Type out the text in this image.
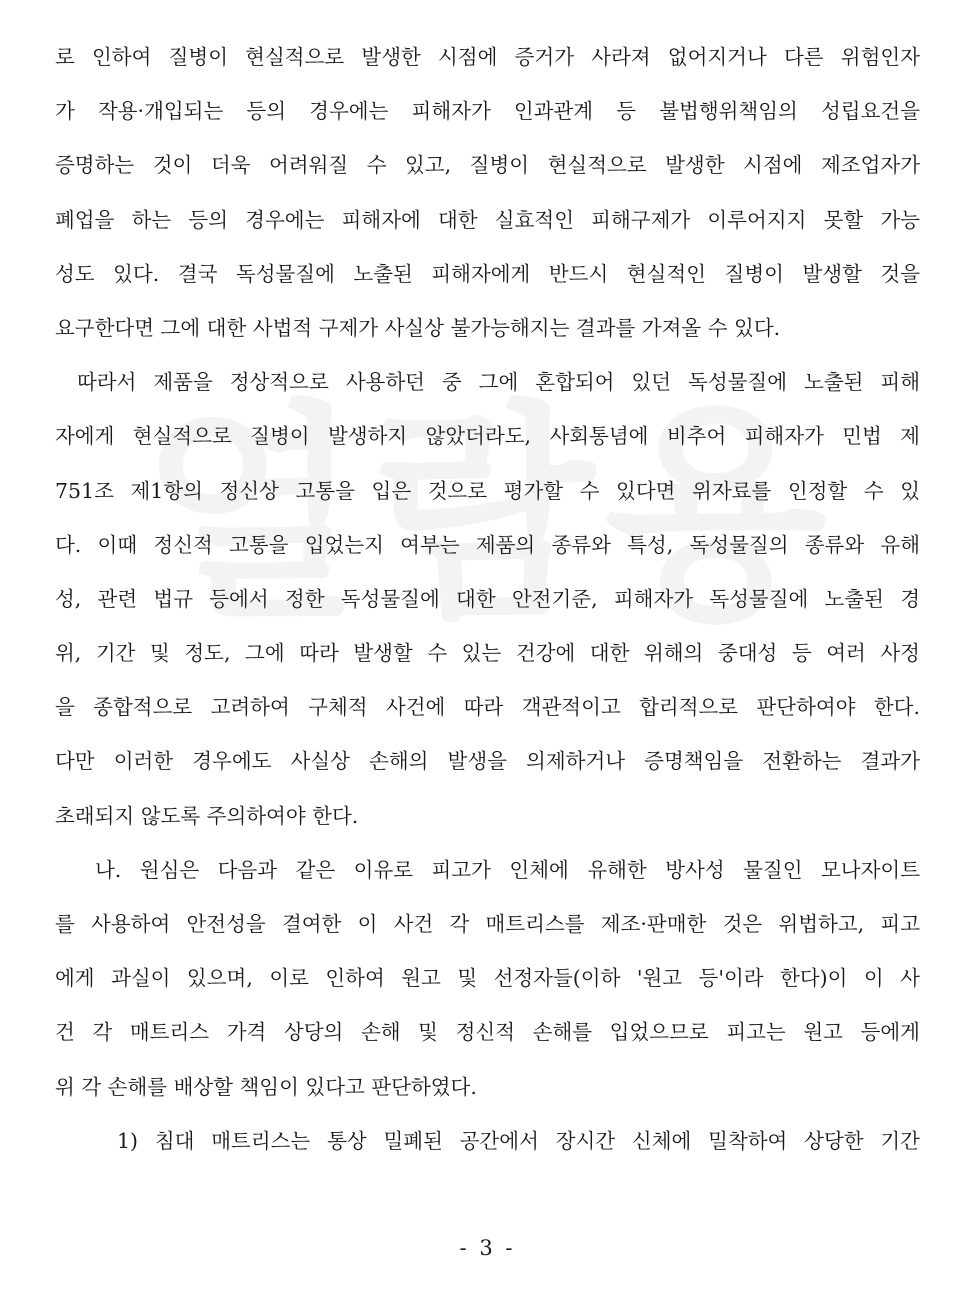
로 인하여 질병이 현실적으로 발생한 시점에 증거가 사라져 없어지거나 다른 위험인자
가 작용·개입되는 등의 경우에는 피해자가 인과관계 등 불법행위책임의 성립요건을
증명하는 것이 더욱 어려워질 수 있고, 질병이 현실적으로 발생한 시점에 제조업자가
폐업을 하는 등의 경우에는 피해자에 대한 실효적인 피해구제가 이루어지지 못할 가능
성도 있다. 결국 독성물질에 노출된 피해자에게 반드시 현실적인 질병이 발생할 것을
요구한다면 그에 대한 사법적 구제가 사실상 불가능해지는 결과를 가져올 수 있다.
따라서 제품을 정상적으로 사용하던 중 그에 혼합되어 있던 독성물질에 노출된 피해
자에게 현실적으로 질병이 발생하지 않았더라도, 사회통념에 비추어 피해자가 민법 제
751조 제1항의 정신상 고통을 입은 것으로 평가할 수 있다면 위자료를 인정할 수 있
다. 이때 정신적 고통을 입었는지 여부는 제품의 종류와 특성, 독성물질의 종류와 유해
성, 관련 법규 등에서 정한 독성물질에 대한 안전기준, 피해자가 독성물질에 노출된 경
위, 기간 및 정도, 그에 따라 발생할 수 있는 건강에 대한 위해의 중대성 등 여러 사정
을 종합적으로 고려하여 구체적 사건에 따라 객관적이고 합리적으로 판단하여야 한다.
다만 이러한 경우에도 사실상 손해의 발생을 의제하거나 증명책임을 전환하는 결과가
초래되지 않도록 주의하여야 한다.
나. 원심은 다음과 같은 이유로 피고가 인체에 유해한 방사성 물질인 모나자이트
를 사용하여 안전성을 결여한 이 사건 각 매트리스를 제조·판매한 것은 위법하고, 피고
에게 과실이 있으며, 이로 인하여 원고 및 선정자들(이하 '원고 등'이라 한다)이 이 사
건 각 매트리스 가격 상당의 손해 및 정신적 손해를 입었으므로 피고는 원고 등에게
위 각 손해를 배상할 책임이 있다고 판단하였다.
1) 침대 매트리스는 통상 밀폐된 공간에서 장시간 신체에 밀착하여 상당한 기간
- 3 -
